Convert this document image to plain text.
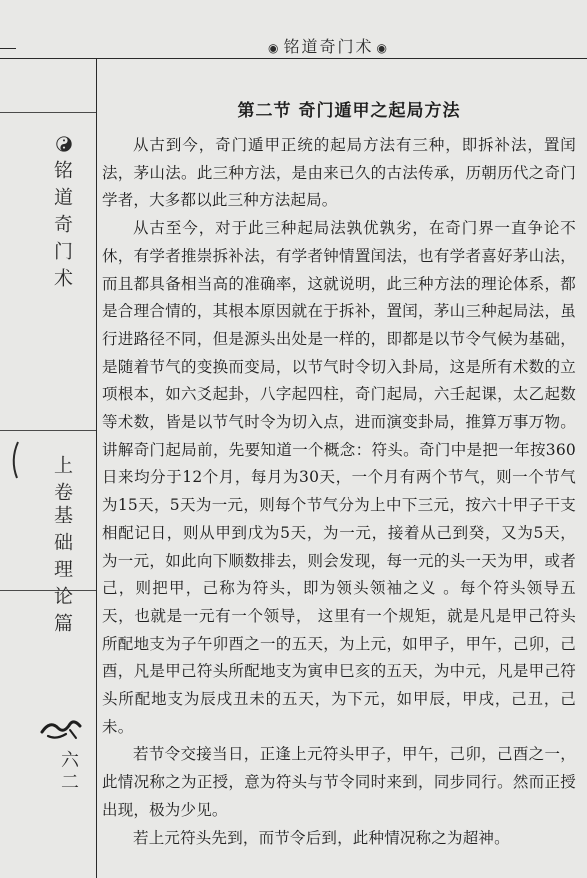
◉ 铭道奇门术 ◉
铭道奇门术
上卷
基础理论篇
六二
第二节 奇门遁甲之起局方法

从古到今，奇门遁甲正统的起局方法有三种，即拆补法，置闰法，茅山法。此三种方法，是由来已久的古法传承，历朝历代之奇门学者，大多都以此三种方法起局。

从古至今，对于此三种起局法孰优孰劣，在奇门界一直争论不休，有学者推崇拆补法，有学者钟情置闰法，也有学者喜好茅山法，而且都具备相当高的准确率，这就说明，此三种方法的理论体系，都是合理合情的，其根本原因就在于拆补，置闰，茅山三种起局法，虽行进路径不同，但是源头出处是一样的，即都是以节令气候为基础，是随着节气的变换而变局，以节气时令切入卦局，这是所有术数的立项根本，如六爻起卦，八字起四柱，奇门起局，六壬起课，太乙起数等术数，皆是以节气时令为切入点，进而演变卦局，推算万事万物。讲解奇门起局前，先要知道一个概念：符头。奇门中是把一年按360日来均分于12个月，每月为30天，一个月有两个节气，则一个节气为15天，5天为一元，则每个节气分为上中下三元，按六十甲子干支相配记日，则从甲到戊为5天，为一元，接着从己到癸，又为5天，为一元，如此向下顺数排去，则会发现，每一元的头一天为甲，或者己，则把甲，己称为符头，即为领头领袖之义 。每个符头领导五天，也就是一元有一个领导， 这里有一个规矩，就是凡是甲己符头所配地支为子午卯酉之一的五天，为上元，如甲子，甲午，己卯，己酉，凡是甲己符头所配地支为寅申巳亥的五天，为中元，凡是甲己符头所配地支为辰戌丑未的五天，为下元，如甲辰，甲戌，己丑，己未。

若节令交接当日，正逢上元符头甲子，甲午，己卯，己酉之一，此情况称之为正授，意为符头与节令同时来到，同步同行。然而正授出现，极为少见。

若上元符头先到，而节令后到，此种情况称之为超神。
